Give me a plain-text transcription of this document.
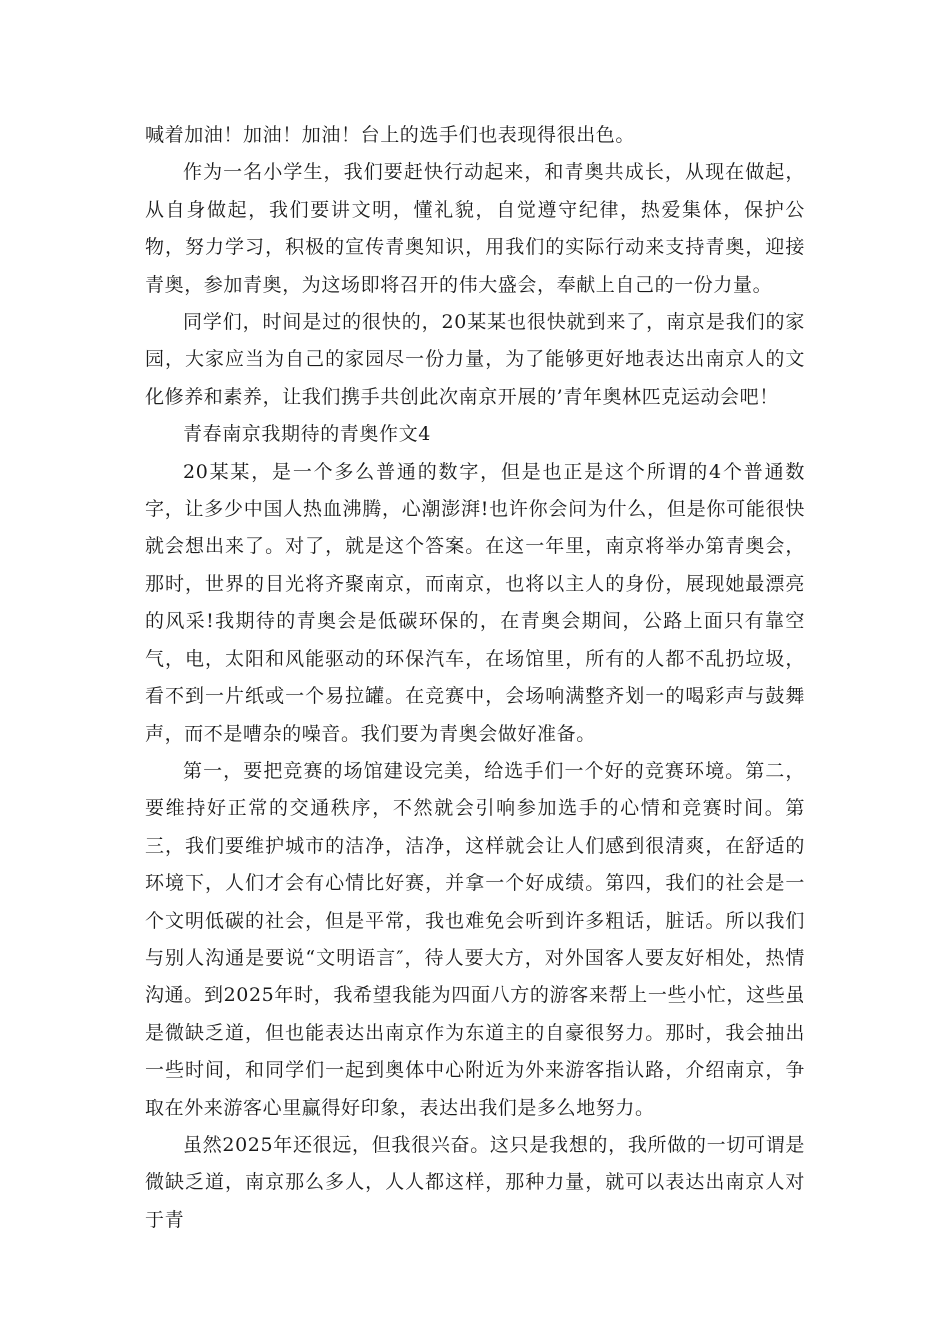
喊着加油！加油！加油！台上的选手们也表现得很出色。

作为一名小学生，我们要赶快行动起来，和青奥共成长，从现在做起，从自身做起，我们要讲文明，懂礼貌，自觉遵守纪律，热爱集体，保护公物，努力学习，积极的宣传青奥知识，用我们的实际行动来支持青奥，迎接青奥，参加青奥，为这场即将召开的伟大盛会，奉献上自己的一份力量。

同学们，时间是过的很快的，20某某也很快就到来了，南京是我们的家园，大家应当为自己的家园尽一份力量，为了能够更好地表达出南京人的文化修养和素养，让我们携手共创此次南京开展的’青年奥林匹克运动会吧！

青春南京我期待的青奥作文4

20某某，是一个多么普通的数字，但是也正是这个所谓的4个普通数字，让多少中国人热血沸腾，心潮澎湃!也许你会问为什么，但是你可能很快就会想出来了。对了，就是这个答案。在这一年里，南京将举办第青奥会，那时，世界的目光将齐聚南京，而南京，也将以主人的身份，展现她最漂亮的风采!我期待的青奥会是低碳环保的，在青奥会期间，公路上面只有靠空气，电，太阳和风能驱动的环保汽车，在场馆里，所有的人都不乱扔垃圾，看不到一片纸或一个易拉罐。在竞赛中，会场响满整齐划一的喝彩声与鼓舞声，而不是嘈杂的噪音。我们要为青奥会做好准备。

第一，要把竞赛的场馆建设完美，给选手们一个好的竞赛环境。第二，要维持好正常的交通秩序，不然就会引响参加选手的心情和竞赛时间。第三，我们要维护城市的洁净，洁净，这样就会让人们感到很清爽，在舒适的环境下，人们才会有心情比好赛，并拿一个好成绩。第四，我们的社会是一个文明低碳的社会，但是平常，我也难免会听到许多粗话，脏话。所以我们与别人沟通是要说“文明语言″，待人要大方，对外国客人要友好相处，热情沟通。到2025年时，我希望我能为四面八方的游客来帮上一些小忙，这些虽是微缺乏道，但也能表达出南京作为东道主的自豪很努力。那时，我会抽出一些时间，和同学们一起到奥体中心附近为外来游客指认路，介绍南京，争取在外来游客心里赢得好印象，表达出我们是多么地努力。

虽然2025年还很远，但我很兴奋。这只是我想的，我所做的一切可谓是微缺乏道，南京那么多人，人人都这样，那种力量，就可以表达出南京人对于青
